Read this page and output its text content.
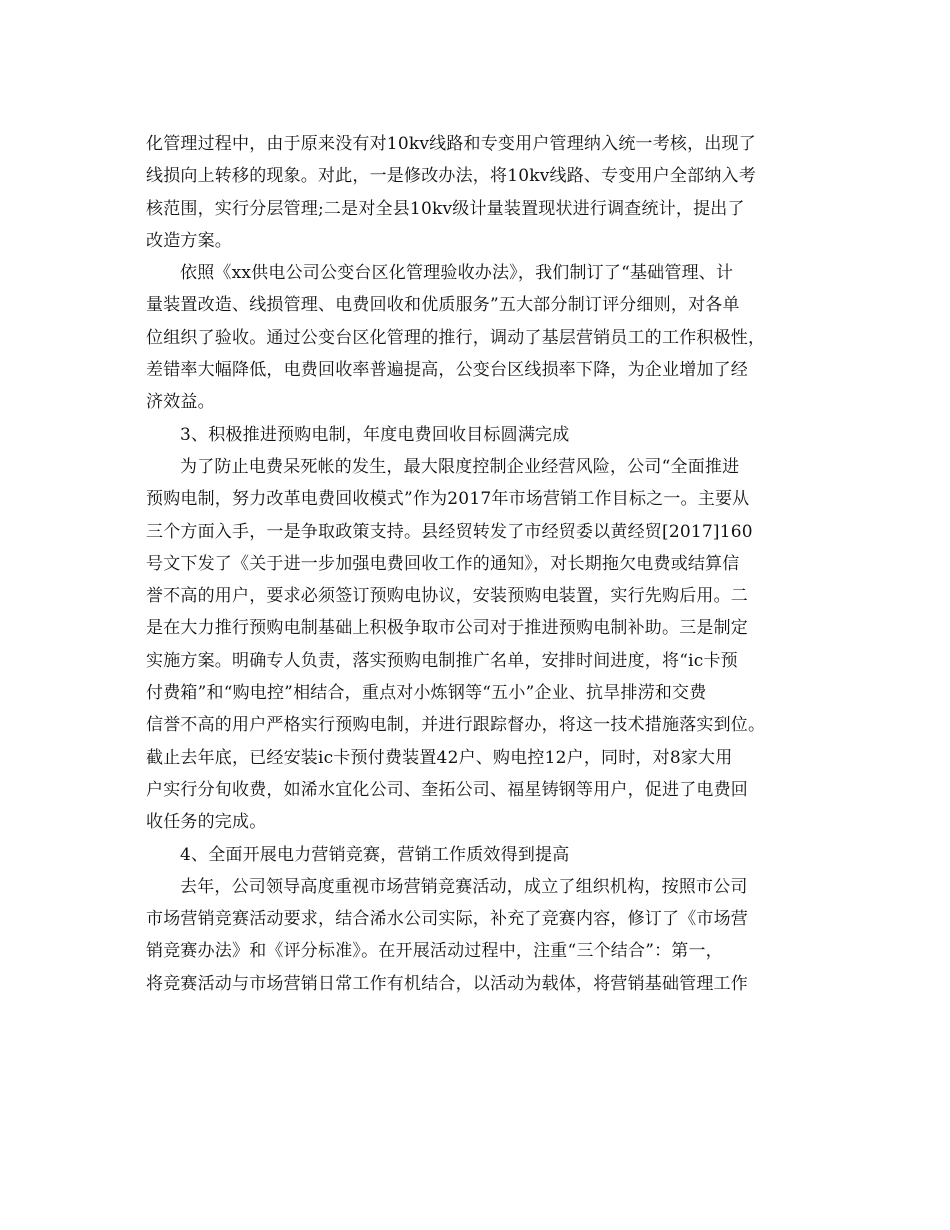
化管理过程中，由于原来没有对10kv线路和专变用户管理纳入统一考核，出现了
线损向上转移的现象。对此，一是修改办法，将10kv线路、专变用户全部纳入考
核范围，实行分层管理;二是对全县10kv级计量装置现状进行调查统计，提出了
改造方案。
依照《xx供电公司公变台区化管理验收办法》，我们制订了“基础管理、计
量装置改造、线损管理、电费回收和优质服务”五大部分制订评分细则，对各单
位组织了验收。通过公变台区化管理的推行，调动了基层营销员工的工作积极性，
差错率大幅降低，电费回收率普遍提高，公变台区线损率下降，为企业增加了经
济效益。
3、积极推进预购电制，年度电费回收目标圆满完成
为了防止电费呆死帐的发生，最大限度控制企业经营风险，公司“全面推进
预购电制，努力改革电费回收模式”作为2017年市场营销工作目标之一。主要从
三个方面入手，一是争取政策支持。县经贸转发了市经贸委以黄经贸[2017]160
号文下发了《关于进一步加强电费回收工作的通知》，对长期拖欠电费或结算信
誉不高的用户，要求必须签订预购电协议，安装预购电装置，实行先购后用。二
是在大力推行预购电制基础上积极争取市公司对于推进预购电制补助。三是制定
实施方案。明确专人负责，落实预购电制推广名单，安排时间进度，将“ic卡预
付费箱”和“购电控”相结合，重点对小炼钢等“五小”企业、抗旱排涝和交费
信誉不高的用户严格实行预购电制，并进行跟踪督办，将这一技术措施落实到位。
截止去年底，已经安装ic卡预付费装置42户、购电控12户，同时，对8家大用
户实行分旬收费，如浠水宜化公司、奎拓公司、福星铸钢等用户，促进了电费回
收任务的完成。
4、全面开展电力营销竞赛，营销工作质效得到提高
去年，公司领导高度重视市场营销竞赛活动，成立了组织机构，按照市公司
市场营销竞赛活动要求，结合浠水公司实际，补充了竞赛内容，修订了《市场营
销竞赛办法》和《评分标准》。在开展活动过程中，注重“三个结合”：第一，
将竞赛活动与市场营销日常工作有机结合，以活动为载体，将营销基础管理工作
